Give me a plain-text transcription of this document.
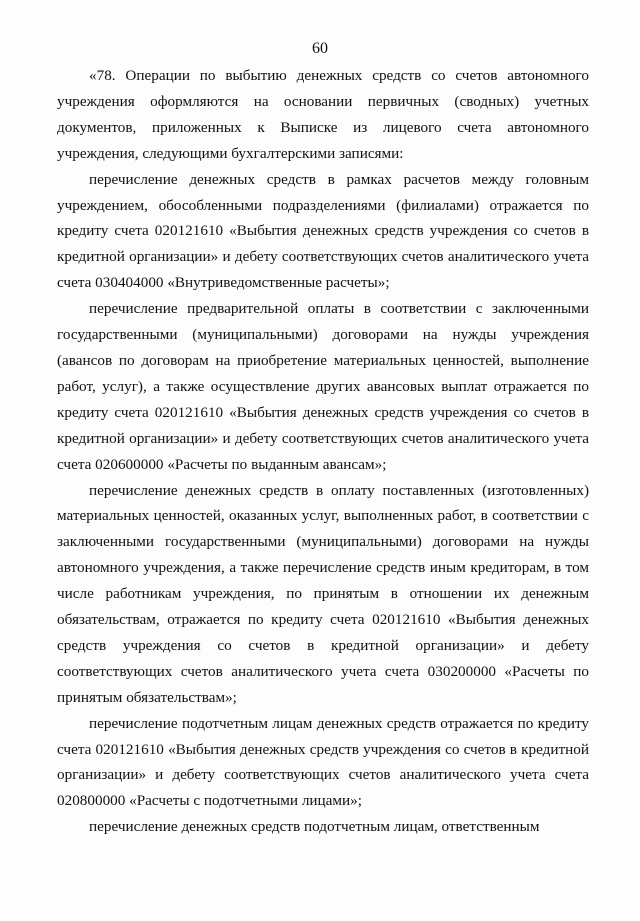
60

«78. Операции по выбытию денежных средств со счетов автономного учреждения оформляются на основании первичных (сводных) учетных документов, приложенных к Выписке из лицевого счета автономного учреждения, следующими бухгалтерскими записями:

перечисление денежных средств в рамках расчетов между головным учреждением, обособленными подразделениями (филиалами) отражается по кредиту счета 020121610 «Выбытия денежных средств учреждения со счетов в кредитной организации» и дебету соответствующих счетов аналитического учета счета 030404000 «Внутриведомственные расчеты»;

перечисление предварительной оплаты в соответствии с заключенными государственными (муниципальными) договорами на нужды учреждения (авансов по договорам на приобретение материальных ценностей, выполнение работ, услуг), а также осуществление других авансовых выплат отражается по кредиту счета 020121610 «Выбытия денежных средств учреждения со счетов в кредитной организации» и дебету соответствующих счетов аналитического учета счета 020600000 «Расчеты по выданным авансам»;

перечисление денежных средств в оплату поставленных (изготовленных) материальных ценностей, оказанных услуг, выполненных работ, в соответствии с заключенными государственными (муниципальными) договорами на нужды автономного учреждения, а также перечисление средств иным кредиторам, в том числе работникам учреждения, по принятым в отношении их денежным обязательствам, отражается по кредиту счета 020121610 «Выбытия денежных средств учреждения со счетов в кредитной организации» и дебету соответствующих счетов аналитического учета счета 030200000 «Расчеты по принятым обязательствам»;

перечисление подотчетным лицам денежных средств отражается по кредиту счета 020121610 «Выбытия денежных средств учреждения со счетов в кредитной организации» и дебету соответствующих счетов аналитического учета счета 020800000 «Расчеты с подотчетными лицами»;

перечисление денежных средств подотчетным лицам, ответственным
